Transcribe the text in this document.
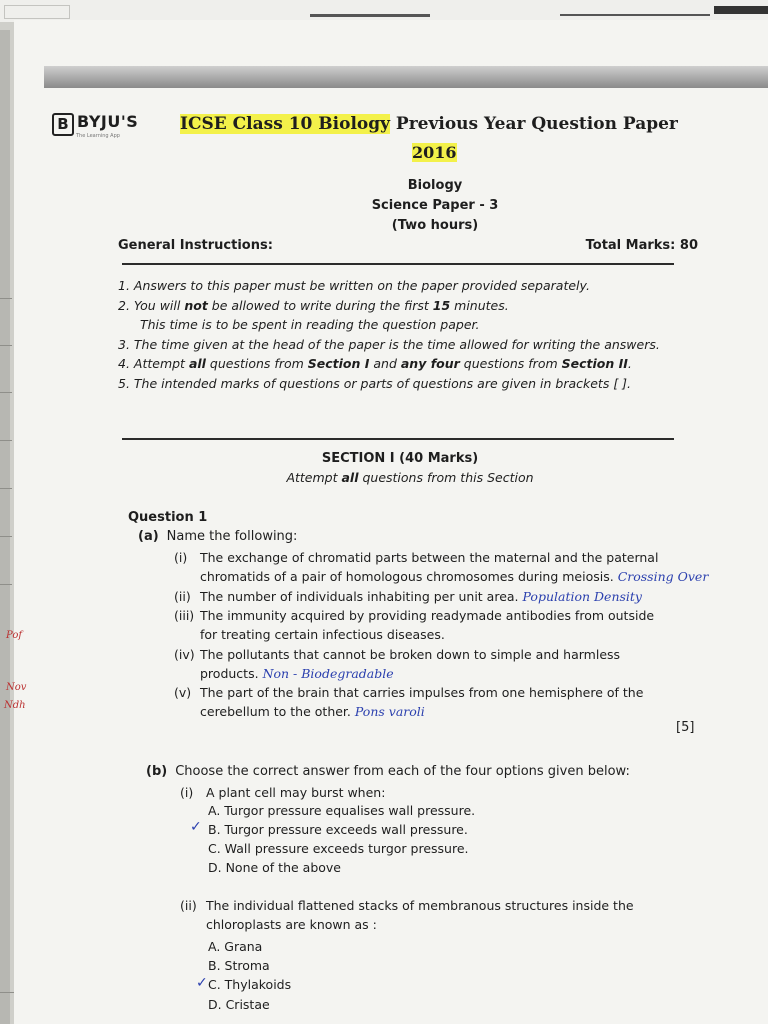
B BYJU'S
The Learning App
ICSE Class 10 Biology Previous Year Question Paper
2016
Biology
Science Paper - 3
(Two hours)
General Instructions:	Total Marks: 80

1. Answers to this paper must be written on the paper provided separately.

2. You will not be allowed to write during the first 15 minutes.

This time is to be spent in reading the question paper.

3. The time given at the head of the paper is the time allowed for writing the answers.

4. Attempt all questions from Section I and any four questions from Section II.

5. The intended marks of questions or parts of questions are given in brackets [ ].

SECTION I (40 Marks)
Attempt all questions from this Section
Question 1
(a) Name the following:
(i) The exchange of chromatid parts between the maternal and the paternal
chromatids of a pair of homologous chromosomes during meiosis. Crossing Over
(ii) The number of individuals inhabiting per unit area. Population Density
(iii) The immunity acquired by providing readymade antibodies from outside
for treating certain infectious diseases.
(iv) The pollutants that cannot be broken down to simple and harmless
products. Non - Biodegradable
(v) The part of the brain that carries impulses from one hemisphere of the
cerebellum to the other. Pons varoli
[5]
(b) Choose the correct answer from each of the four options given below:
(i) A plant cell may burst when:
A. Turgor pressure equalises wall pressure.
B. Turgor pressure exceeds wall pressure.
✓
C. Wall pressure exceeds turgor pressure.
D. None of the above
(ii) The individual flattened stacks of membranous structures inside the
chloroplasts are known as :
A. Grana
B. Stroma
C. Thylakoids
✓
D. Cristae
Pof
Nov
Ndh
